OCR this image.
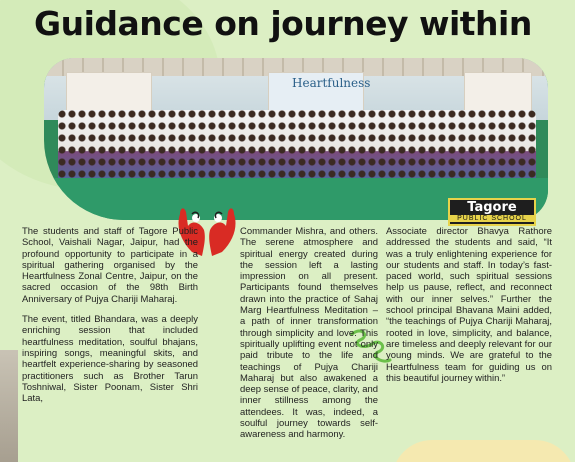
Guidance on journey within
Heartfulness
Tagore
PUBLIC SCHOOL

The students and staff of Tagore Public School, Vaishali Nagar, Jaipur, had the profound opportunity to participate in a spiritual gathering organised by the Heartfulness Zonal Centre, Jaipur, on the sacred occasion of the 98th Birth Anniversary of Pujya Chariji Maharaj.

The event, titled Bhandara, was a deeply enriching session that included heartfulness meditation, soulful bhajans, inspiring songs, meaningful skits, and heartfelt experience-sharing by seasoned practitioners such as Brother Tarun Toshniwal, Sister Poonam, Sister Shri Lata,

Commander Mishra, and others. The serene atmosphere and spiritual energy created during the session left a lasting impression on all present. Participants found themselves drawn into the practice of Sahaj Marg Heartfulness Meditation – a path of inner transformation through simplicity and love. This spiritually uplifting event not only paid tribute to the life and teachings of Pujya Chariji Maharaj but also awakened a deep sense of peace, clarity, and inner stillness among the attendees. It was, indeed, a soulful journey towards self-awareness and harmony.

Associate director Bhavya Rathore addressed the students and said, “It was a truly enlightening experience for our students and staff. In today’s fast-paced world, such spiritual sessions help us pause, reflect, and reconnect with our inner selves.” Further the school principal Bhavana Maini added, “the teachings of Pujya Chariji Maharaj, rooted in love, simplicity, and balance, are timeless and deeply relevant for our young minds. We are grateful to the Heartfulness team for guiding us on this beautiful journey within.”
